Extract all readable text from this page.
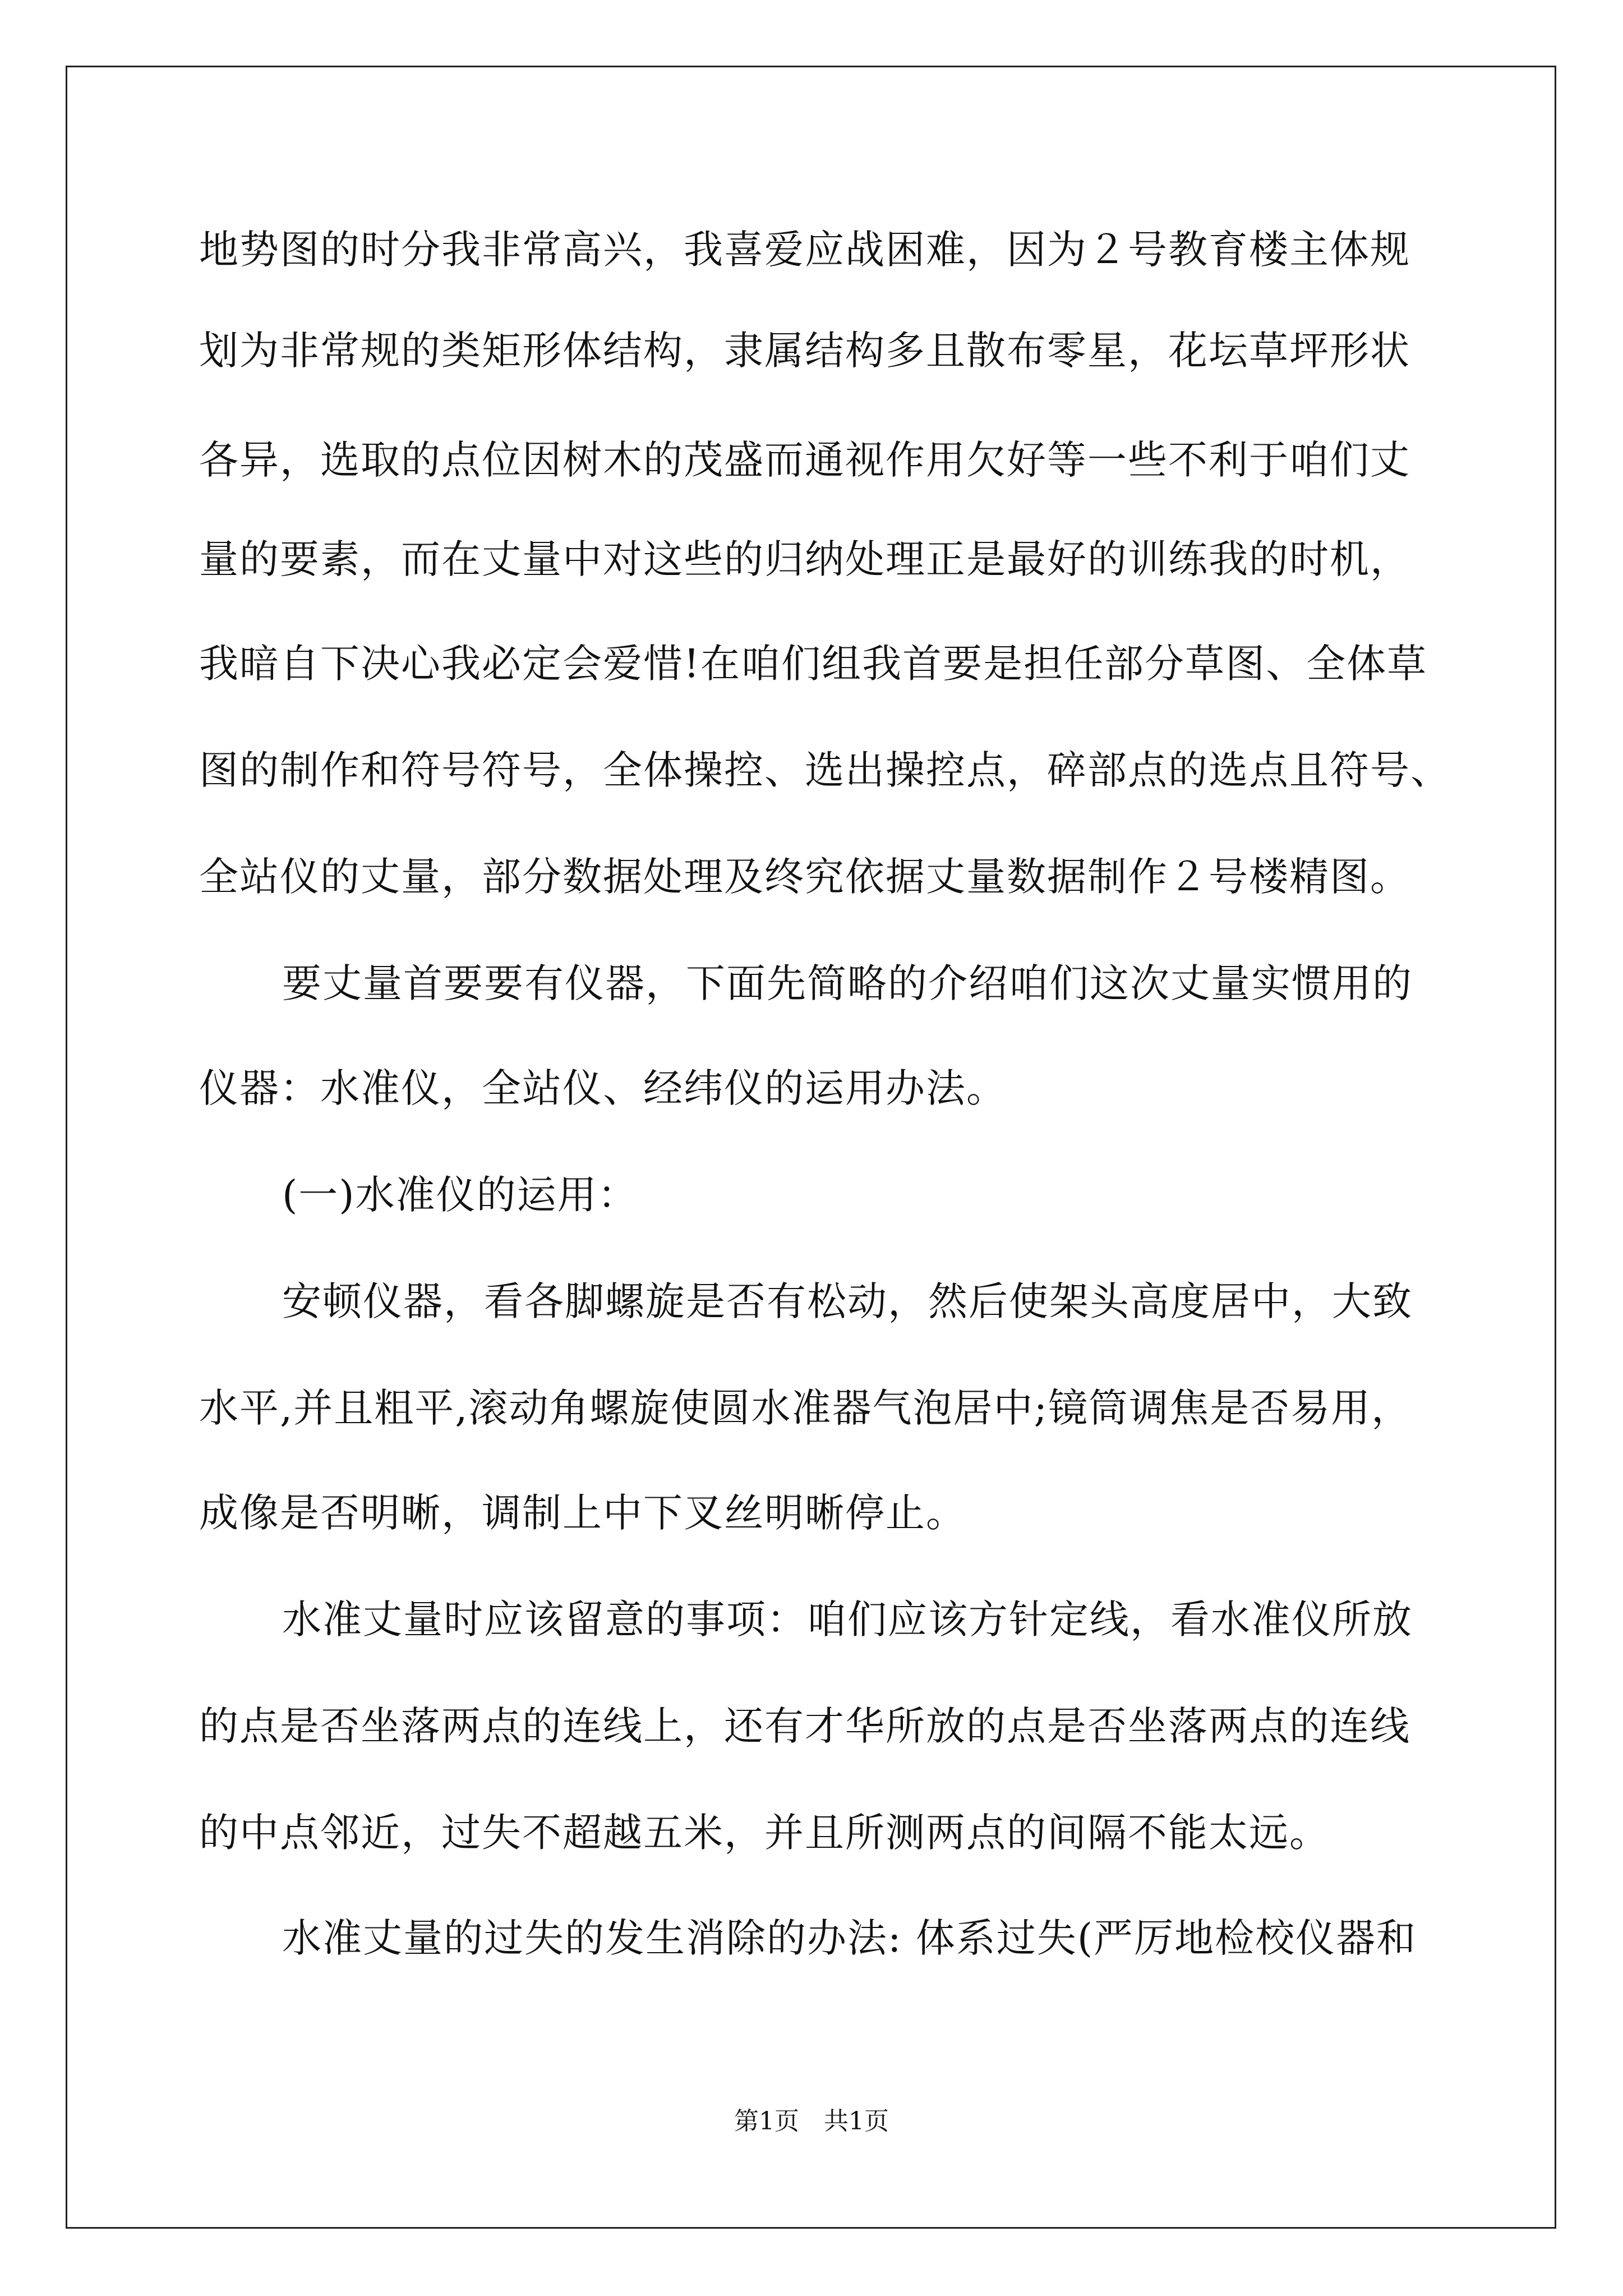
地势图的时分我非常高兴，我喜爱应战困难，因为２号教育楼主体规
划为非常规的类矩形体结构，隶属结构多且散布零星，花坛草坪形状
各异，选取的点位因树木的茂盛而通视作用欠好等一些不利于咱们丈
量的要素，而在丈量中对这些的归纳处理正是最好的训练我的时机，
我暗自下决心我必定会爱惜!在咱们组我首要是担任部分草图、全体草
图的制作和符号符号，全体操控、选出操控点，碎部点的选点且符号、
全站仪的丈量，部分数据处理及终究依据丈量数据制作２号楼精图。
要丈量首要要有仪器，下面先简略的介绍咱们这次丈量实惯用的
仪器：水准仪，全站仪、经纬仪的运用办法。
(一)水准仪的运用：
安顿仪器，看各脚螺旋是否有松动，然后使架头高度居中，大致
水平,并且粗平,滚动角螺旋使圆水准器气泡居中;镜筒调焦是否易用，
成像是否明晰，调制上中下叉丝明晰停止。
水准丈量时应该留意的事项：咱们应该方针定线，看水准仪所放
的点是否坐落两点的连线上，还有才华所放的点是否坐落两点的连线
的中点邻近，过失不超越五米，并且所测两点的间隔不能太远。
水准丈量的过失的发生消除的办法: 体系过失(严厉地检校仪器和
第1页　共1页
